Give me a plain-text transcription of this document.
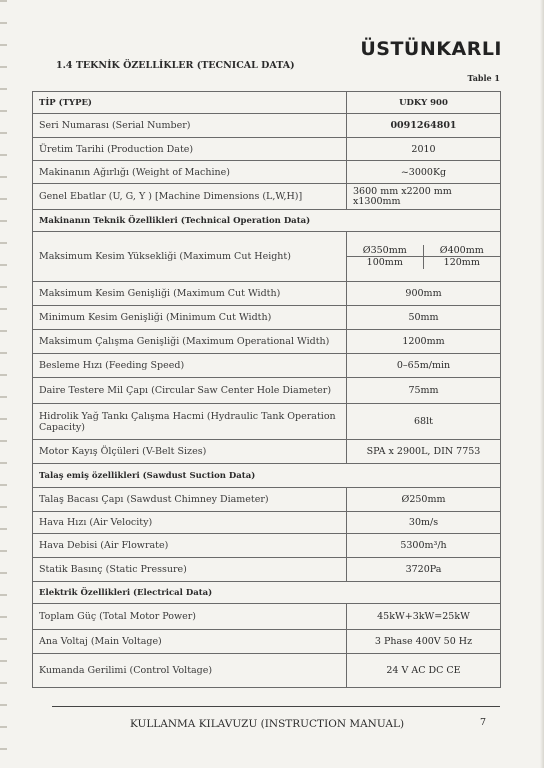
ÜSTÜNKARLI
1.4 TEKNİK ÖZELLİKLER (TECNICAL DATA)
Table 1
TİP (TYPE)	UDKY 900
Seri Numarası (Serial Number)	0091264801
Üretim Tarihi (Production Date)	2010
Makinanın Ağırlığı (Weight of Machine)	~3000Kg
Genel Ebatlar (U, G, Y ) [Machine Dimensions (L,W,H)]	3600 mm x2200 mm x1300mm
Makinanın Teknik Özellikleri (Technical Operation Data)	
Maksimum Kesim Yüksekliği (Maximum Cut Height)	Ø350mm Ø400mm
100mm 120mm

Maksimum Kesim Genişliği (Maximum Cut Width)	900mm
Minimum Kesim Genişliği (Minimum Cut Width)	50mm
Maksimum Çalışma Genişliği (Maximum Operational Width)	1200mm
Besleme Hızı (Feeding Speed)	0–65m/min
Daire Testere Mil Çapı (Circular Saw Center Hole Diameter)	75mm
Hidrolik Yağ Tankı Çalışma Hacmi (Hydraulic Tank Operation Capacity)	68lt
Motor Kayış Ölçüleri (V-Belt Sizes)	SPA x 2900L, DIN 7753
Talaş emiş özellikleri (Sawdust Suction Data)	
Talaş Bacası Çapı (Sawdust Chimney Diameter)	Ø250mm
Hava Hızı (Air Velocity)	30m/s
Hava Debisi (Air Flowrate)	5300m³/h
Statik Basınç (Static Pressure)	3720Pa
Elektrik Özellikleri (Electrical Data)	
Toplam Güç (Total Motor Power)	45kW+3kW=25kW
Ana Voltaj (Main Voltage)	3 Phase 400V 50 Hz
Kumanda Gerilimi (Control Voltage)	24 V AC DC CE
KULLANMA KILAVUZU (INSTRUCTION MANUAL)	7
